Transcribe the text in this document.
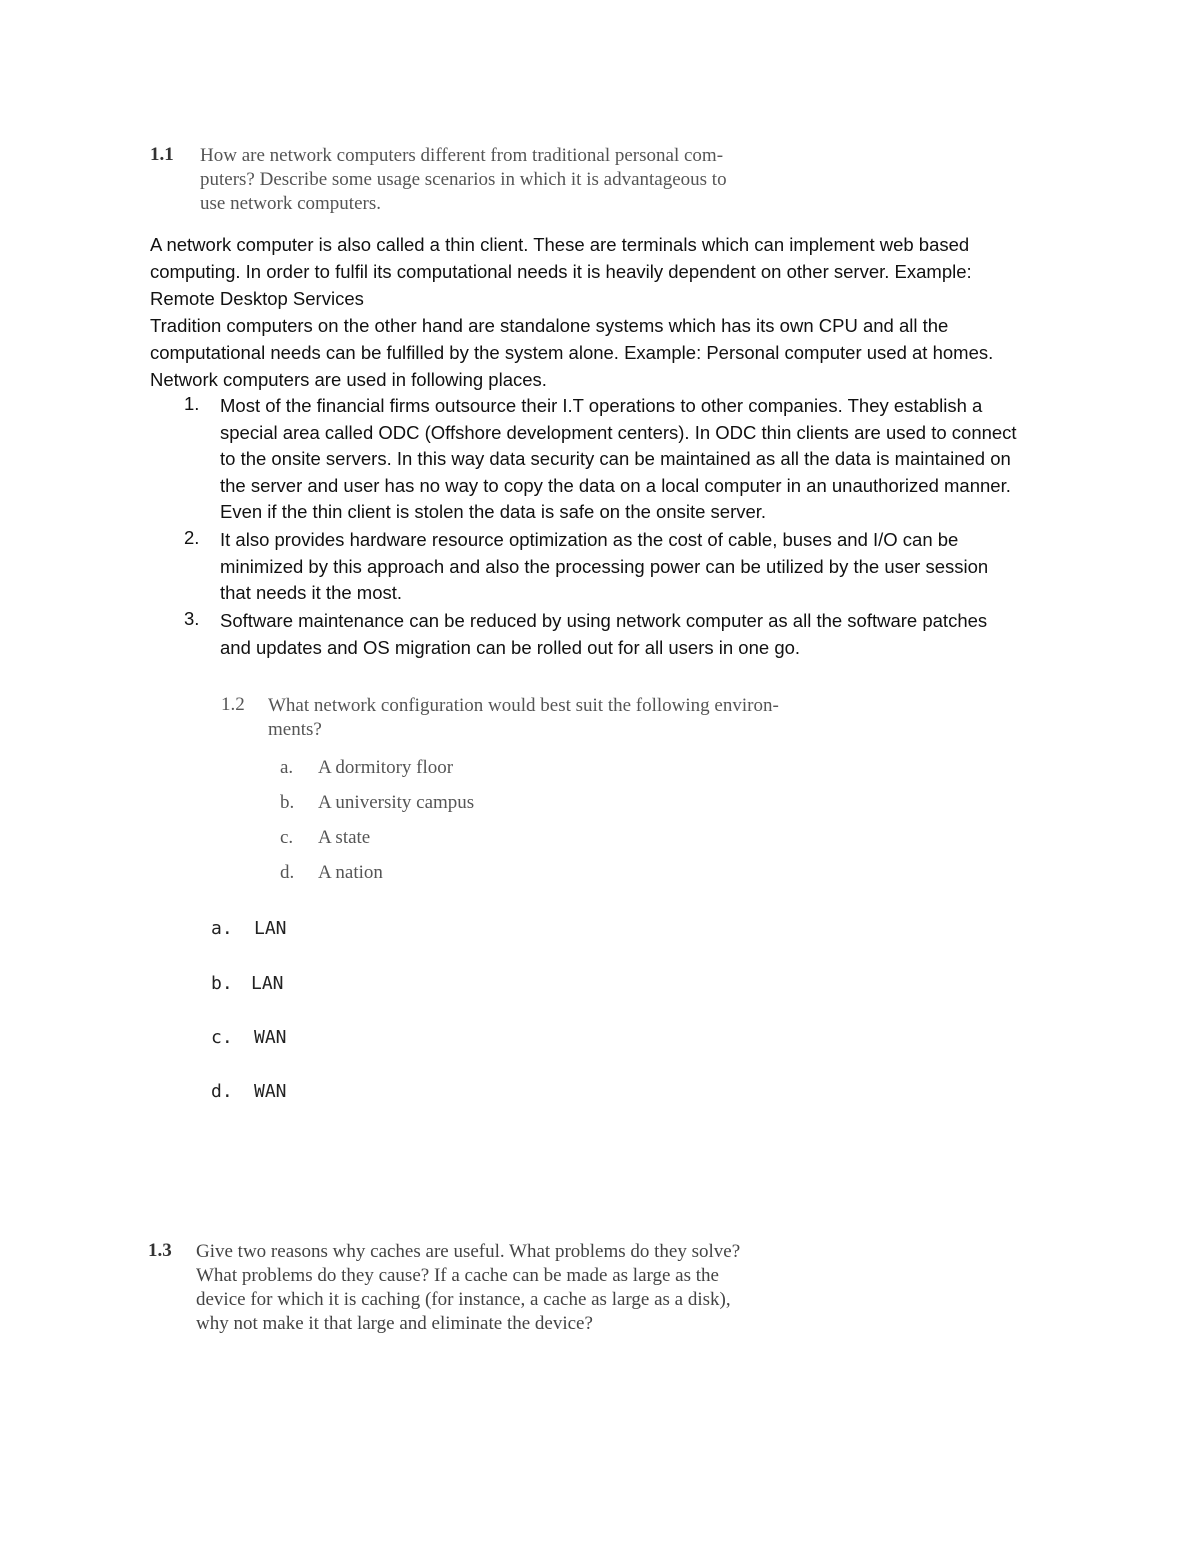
1.1 How are network computers different from traditional personal com-
puters? Describe some usage scenarios in which it is advantageous to
use network computers.
A network computer is also called a thin client. These are terminals which can implement web based
computing. In order to fulfil its computational needs it is heavily dependent on other server. Example:
Remote Desktop Services
Tradition computers on the other hand are standalone systems which has its own CPU and all the
computational needs can be fulfilled by the system alone. Example: Personal computer used at homes.
Network computers are used in following places.
1. Most of the financial firms outsource their I.T operations to other companies. They establish a
special area called ODC (Offshore development centers). In ODC thin clients are used to connect
to the onsite servers. In this way data security can be maintained as all the data is maintained on
the server and user has no way to copy the data on a local computer in an unauthorized manner.
Even if the thin client is stolen the data is safe on the onsite server.
2. It also provides hardware resource optimization as the cost of cable, buses and I/O can be
minimized by this approach and also the processing power can be utilized by the user session
that needs it the most.
3. Software maintenance can be reduced by using network computer as all the software patches
and updates and OS migration can be rolled out for all users in one go.
1.2 What network configuration would best suit the following environ-
ments?
a. A dormitory floor
b. A university campus
c. A state
d. A nation
a. LAN
b. LAN
c. WAN
d. WAN
1.3 Give two reasons why caches are useful. What problems do they solve?
What problems do they cause? If a cache can be made as large as the
device for which it is caching (for instance, a cache as large as a disk),
why not make it that large and eliminate the device?
